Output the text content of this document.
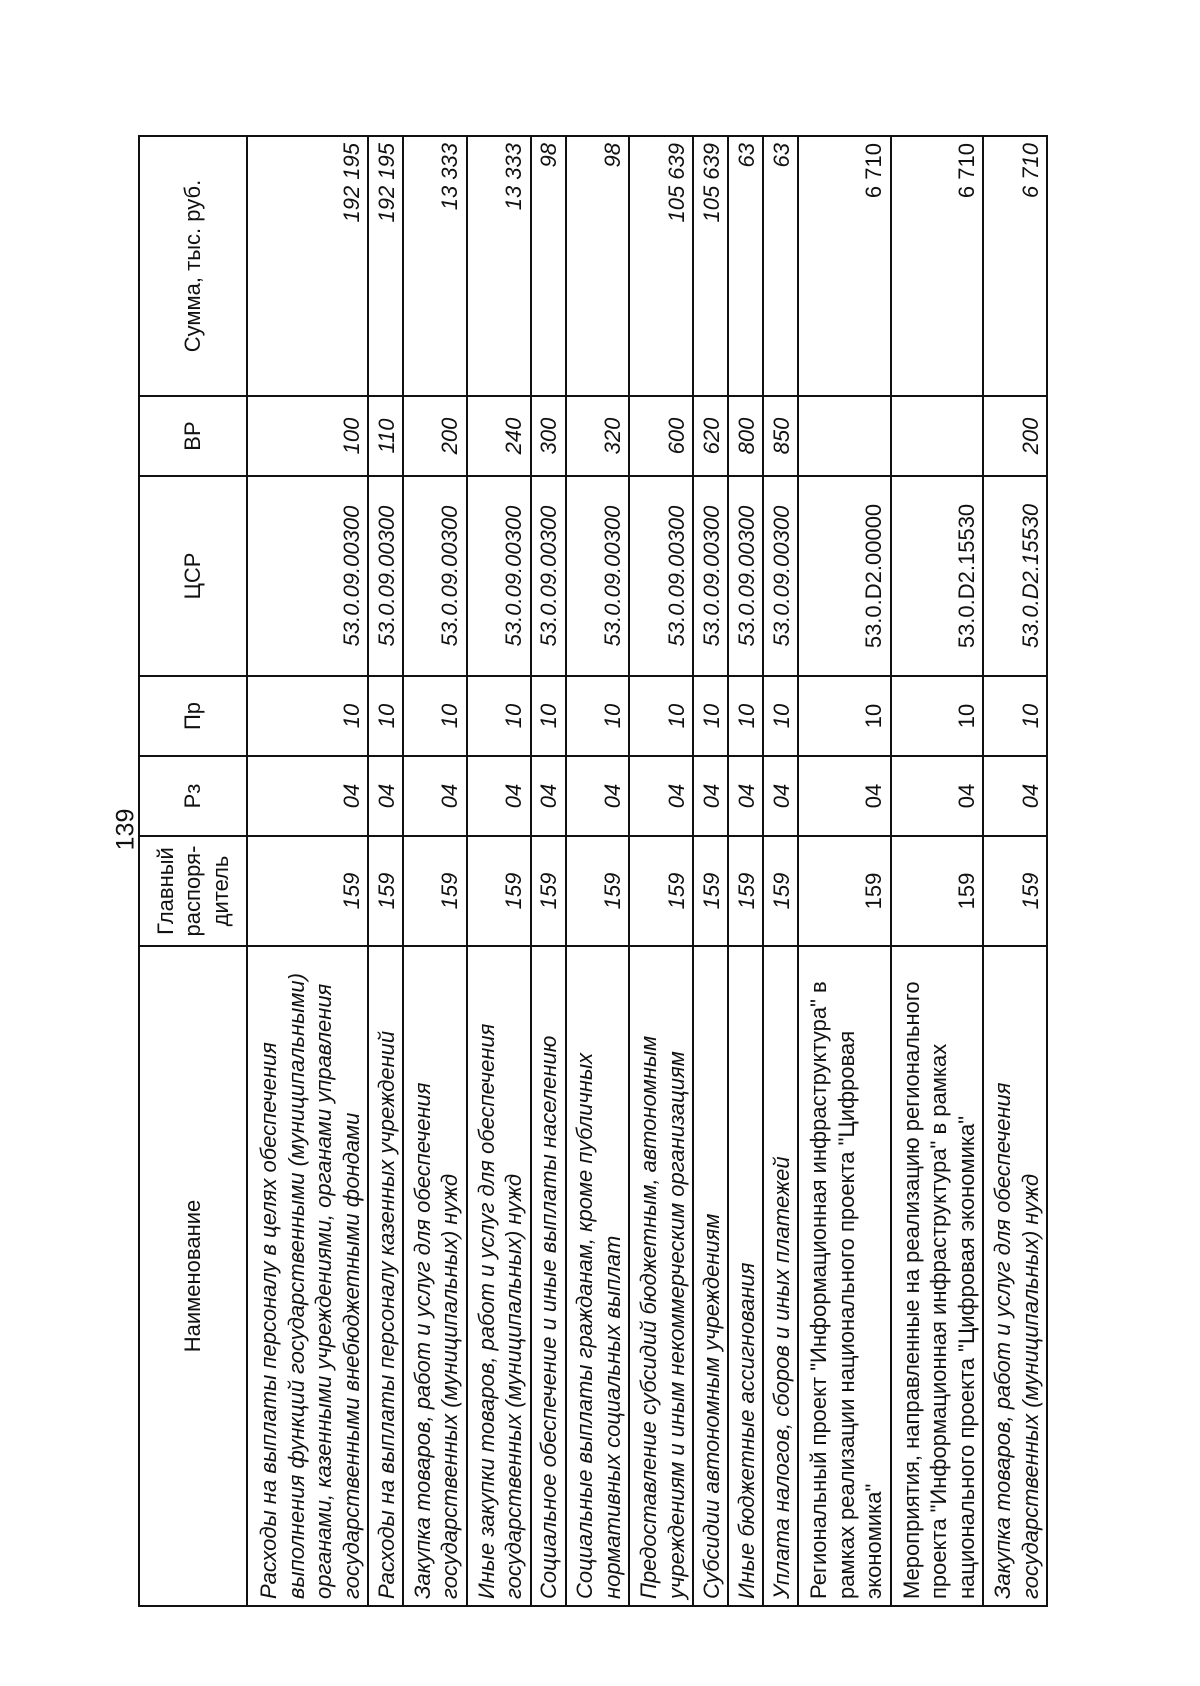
139
Наименование	Главный распоря-дитель	Рз	Пр	ЦСР	ВР	Сумма, тыс. руб.
Расходы на выплаты персоналу в целях обеспечения выполнения функций государственными (муниципальными) органами, казенными учреждениями, органами управления государственными внебюджетными фондами	159	04	10	53.0.09.00300	100	192 195
Расходы на выплаты персоналу казенных учреждений	159	04	10	53.0.09.00300	110	192 195
Закупка товаров, работ и услуг для обеспечения государственных (муниципальных) нужд	159	04	10	53.0.09.00300	200	13 333
Иные закупки товаров, работ и услуг для обеспечения государственных (муниципальных) нужд	159	04	10	53.0.09.00300	240	13 333
Социальное обеспечение и иные выплаты населению	159	04	10	53.0.09.00300	300	98
Социальные выплаты гражданам, кроме публичных нормативных социальных выплат	159	04	10	53.0.09.00300	320	98
Предоставление субсидий бюджетным, автономным учреждениям и иным некоммерческим организациям	159	04	10	53.0.09.00300	600	105 639
Субсидии автономным учреждениям	159	04	10	53.0.09.00300	620	105 639
Иные бюджетные ассигнования	159	04	10	53.0.09.00300	800	63
Уплата налогов, сборов и иных платежей	159	04	10	53.0.09.00300	850	63
Региональный проект "Информационная инфраструктура" в рамках реализации национального проекта "Цифровая экономика"	159	04	10	53.0.D2.00000		6 710
Мероприятия, направленные на реализацию регионального проекта "Информационная инфраструктура" в рамках национального проекта "Цифровая экономика"	159	04	10	53.0.D2.15530		6 710
Закупка товаров, работ и услуг для обеспечения государственных (муниципальных) нужд	159	04	10	53.0.D2.15530	200	6 710
